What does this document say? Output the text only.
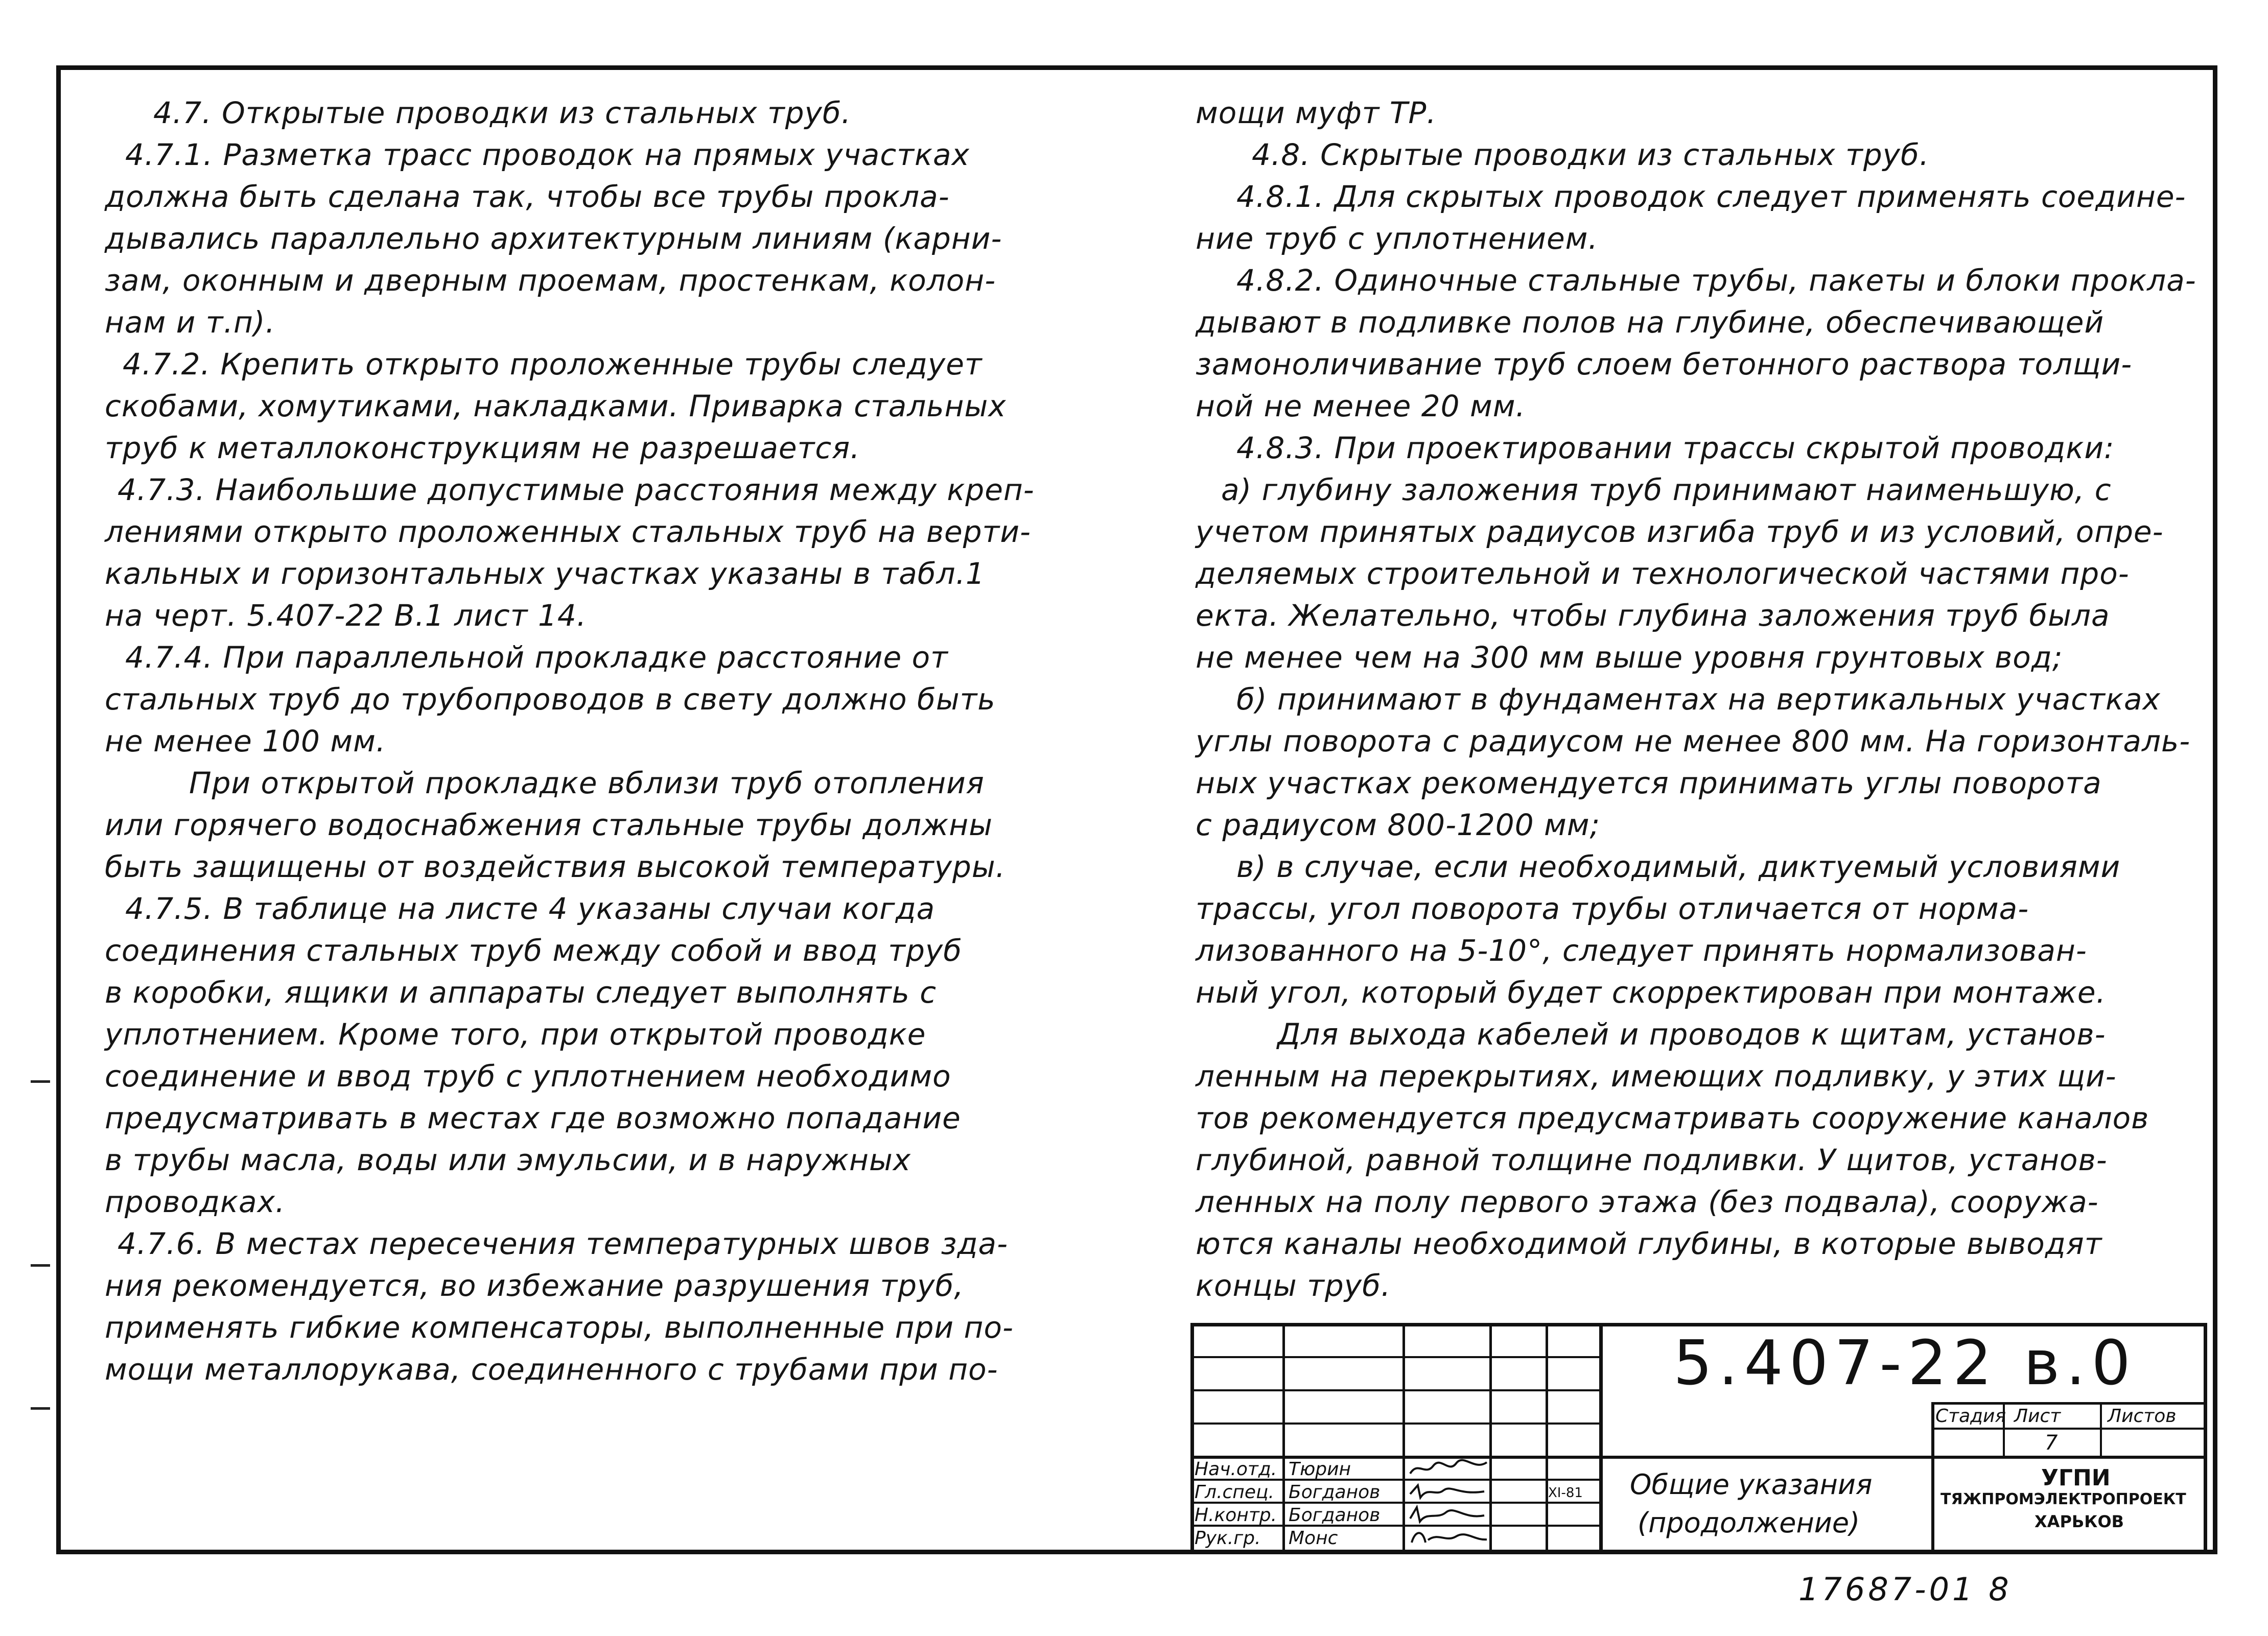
4.7. Открытые проводки из стальных труб.
4.7.1. Разметка трасс проводок на прямых участках
должна быть сделана так, чтобы все трубы прокла-
дывались параллельно архитектурным линиям (карни-
зам, оконным и дверным проемам, простенкам, колон-
нам и т.п).
4.7.2. Крепить открыто проложенные трубы следует
скобами, хомутиками, накладками. Приварка стальных
труб к металлоконструкциям не разрешается.
4.7.3. Наибольшие допустимые расстояния между креп-
лениями открыто проложенных стальных труб на верти-
кальных и горизонтальных участках указаны в табл.1
на черт. 5.407-22 В.1 лист 14.
4.7.4. При параллельной прокладке расстояние от
стальных труб до трубопроводов в свету должно быть
не менее 100 мм.
При открытой прокладке вблизи труб отопления
или горячего водоснабжения стальные трубы должны
быть защищены от воздействия высокой температуры.
4.7.5. В таблице на листе 4 указаны случаи когда
соединения стальных труб между собой и ввод труб
в коробки, ящики и аппараты следует выполнять с
уплотнением. Кроме того, при открытой проводке
соединение и ввод труб с уплотнением необходимо
предусматривать в местах где возможно попадание
в трубы масла, воды или эмульсии, и в наружных
проводках.
4.7.6. В местах пересечения температурных швов зда-
ния рекомендуется, во избежание разрушения труб,
применять гибкие компенсаторы, выполненные при по-
мощи металлорукава, соединенного с трубами при по-
мощи муфт ТР.
4.8. Скрытые проводки из стальных труб.
4.8.1. Для скрытых проводок следует применять соедине-
ние труб с уплотнением.
4.8.2. Одиночные стальные трубы, пакеты и блоки прокла-
дывают в подливке полов на глубине, обеспечивающей
замоноличивание труб слоем бетонного раствора толщи-
ной не менее 20 мм.
4.8.3. При проектировании трассы скрытой проводки:
а) глубину заложения труб принимают наименьшую, с
учетом принятых радиусов изгиба труб и из условий, опре-
деляемых строительной и технологической частями про-
екта. Желательно, чтобы глубина заложения труб была
не менее чем на 300 мм выше уровня грунтовых вод;
б) принимают в фундаментах на вертикальных участках
углы поворота с радиусом не менее 800 мм. На горизонталь-
ных участках рекомендуется принимать углы поворота
с радиусом 800-1200 мм;
в) в случае, если необходимый, диктуемый условиями
трассы, угол поворота трубы отличается от норма-
лизованного на 5-10°, следует принять нормализован-
ный угол, который будет скорректирован при монтаже.
Для выхода кабелей и проводов к щитам, установ-
ленным на перекрытиях, имеющих подливку, у этих щи-
тов рекомендуется предусматривать сооружение каналов
глубиной, равной толщине подливки. У щитов, установ-
ленных на полу первого этажа (без подвала), сооружа-
ются каналы необходимой глубины, в которые выводят
концы труб.
5.407-22 в.0
Общие указания
(продолжение)
Стадия Лист	Листов
7
УГПИ
ТЯЖПРОМЭЛЕКТРОПРОЕКТ
ХАРЬКОВ
Нач.отд. Тюрин
Гл.спец. Богданов
Н.контр. Богданов
Рук.гр. Монс
XI-81
17687-01 8
